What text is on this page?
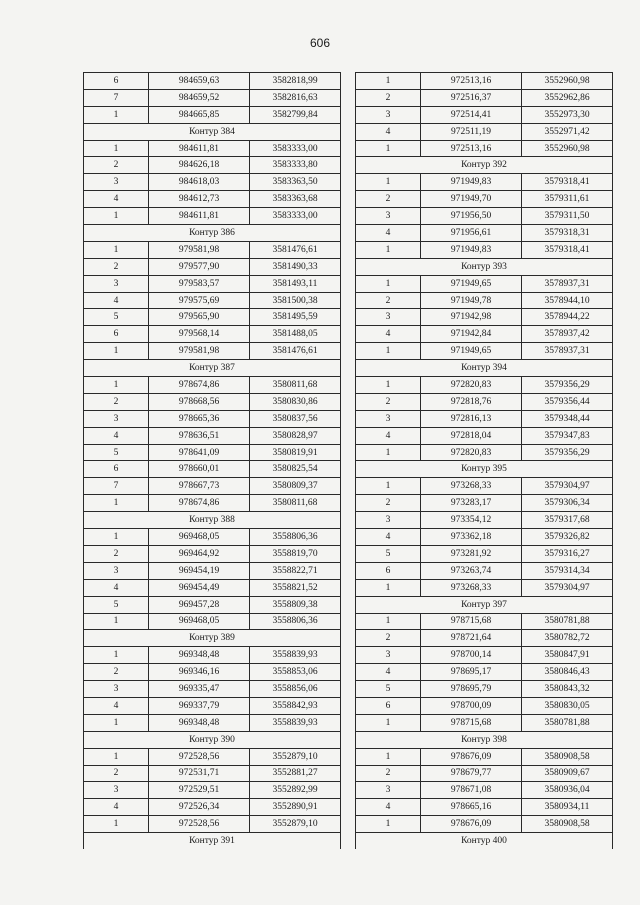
606
6	984659,63	3582818,99
7	984659,52	3582816,63
1	984665,85	3582799,84
Контур 384		
1	984611,81	3583333,00
2	984626,18	3583333,80
3	984618,03	3583363,50
4	984612,73	3583363,68
1	984611,81	3583333,00
Контур 386		
1	979581,98	3581476,61
2	979577,90	3581490,33
3	979583,57	3581493,11
4	979575,69	3581500,38
5	979565,90	3581495,59
6	979568,14	3581488,05
1	979581,98	3581476,61
Контур 387		
1	978674,86	3580811,68
2	978668,56	3580830,86
3	978665,36	3580837,56
4	978636,51	3580828,97
5	978641,09	3580819,91
6	978660,01	3580825,54
7	978667,73	3580809,37
1	978674,86	3580811,68
Контур 388		
1	969468,05	3558806,36
2	969464,92	3558819,70
3	969454,19	3558822,71
4	969454,49	3558821,52
5	969457,28	3558809,38
1	969468,05	3558806,36
Контур 389		
1	969348,48	3558839,93
2	969346,16	3558853,06
3	969335,47	3558856,06
4	969337,79	3558842,93
1	969348,48	3558839,93
Контур 390		
1	972528,56	3552879,10
2	972531,71	3552881,27
3	972529,51	3552892,99
4	972526,34	3552890,91
1	972528,56	3552879,10
Контур 391		
1	972513,16	3552960,98
2	972516,37	3552962,86
3	972514,41	3552973,30
4	972511,19	3552971,42
1	972513,16	3552960,98
Контур 392		
1	971949,83	3579318,41
2	971949,70	3579311,61
3	971956,50	3579311,50
4	971956,61	3579318,31
1	971949,83	3579318,41
Контур 393		
1	971949,65	3578937,31
2	971949,78	3578944,10
3	971942,98	3578944,22
4	971942,84	3578937,42
1	971949,65	3578937,31
Контур 394		
1	972820,83	3579356,29
2	972818,76	3579356,44
3	972816,13	3579348,44
4	972818,04	3579347,83
1	972820,83	3579356,29
Контур 395		
1	973268,33	3579304,97
2	973283,17	3579306,34
3	973354,12	3579317,68
4	973362,18	3579326,82
5	973281,92	3579316,27
6	973263,74	3579314,34
1	973268,33	3579304,97
Контур 397		
1	978715,68	3580781,88
2	978721,64	3580782,72
3	978700,14	3580847,91
4	978695,17	3580846,43
5	978695,79	3580843,32
6	978700,09	3580830,05
1	978715,68	3580781,88
Контур 398		
1	978676,09	3580908,58
2	978679,77	3580909,67
3	978671,08	3580936,04
4	978665,16	3580934,11
1	978676,09	3580908,58
Контур 400		
